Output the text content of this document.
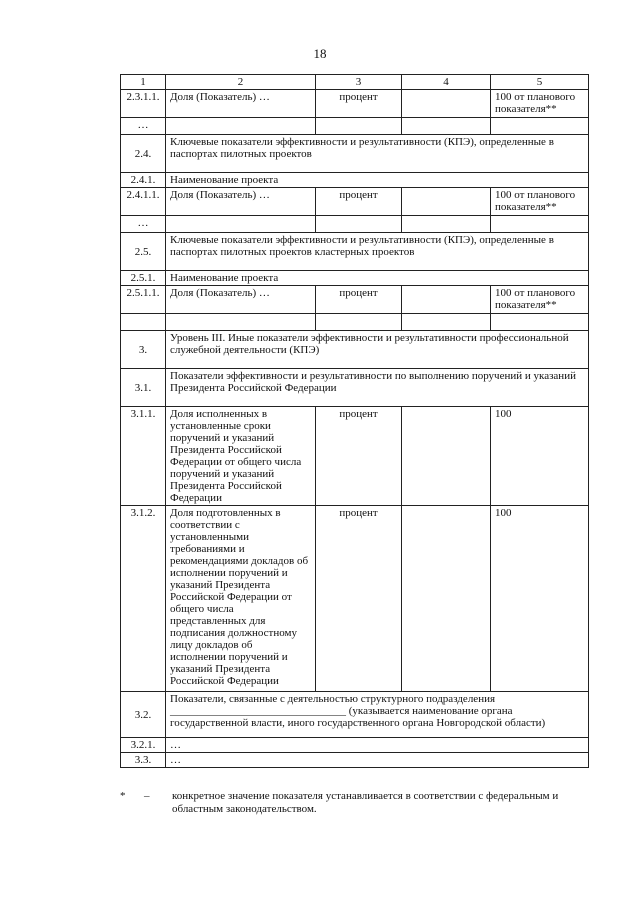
18
1	2	3	4	5
2.3.1.1.	Доля (Показатель) …	процент		100 от планового показателя**
…				
2.4.	Ключевые показатели эффективности и результативности (КПЭ), определенные в паспортах пилотных проектов			
2.4.1.	Наименование проекта			
2.4.1.1.	Доля (Показатель) …	процент		100 от планового показателя**
…				
2.5.	Ключевые показатели эффективности и результативности (КПЭ), определенные в паспортах пилотных проектов кластерных проектов			
2.5.1.	Наименование проекта			
2.5.1.1.	Доля (Показатель) …	процент		100 от планового показателя**

3.	Уровень III. Иные показатели эффективности и результативности профессиональной служебной деятельности (КПЭ)			
3.1.	Показатели эффективности и результативности по выполнению поручений и указаний Президента Российской Федерации			
3.1.1.	Доля исполненных в установленные сроки поручений и указаний Президента Российской Федерации от общего числа поручений и указаний Президента Российской Федерации	процент		100
3.1.2.	Доля подготовленных в соответствии с установленными требованиями и рекомендациями докладов об исполнении поручений и указаний Президента Российской Федерации от общего числа представленных для подписания должностному лицу докладов об исполнении поручений и указаний Президента Российской Федерации	процент		100
3.2.	Показатели, связанные с деятельностью структурного подразделения ________________________________ (указывается наименование органа государственной власти, иного государственного органа Новгородской области)			
3.2.1.	…			
3.3.	…			
* – конкретное значение показателя устанавливается в соответствии с федеральным и областным законодательством.
